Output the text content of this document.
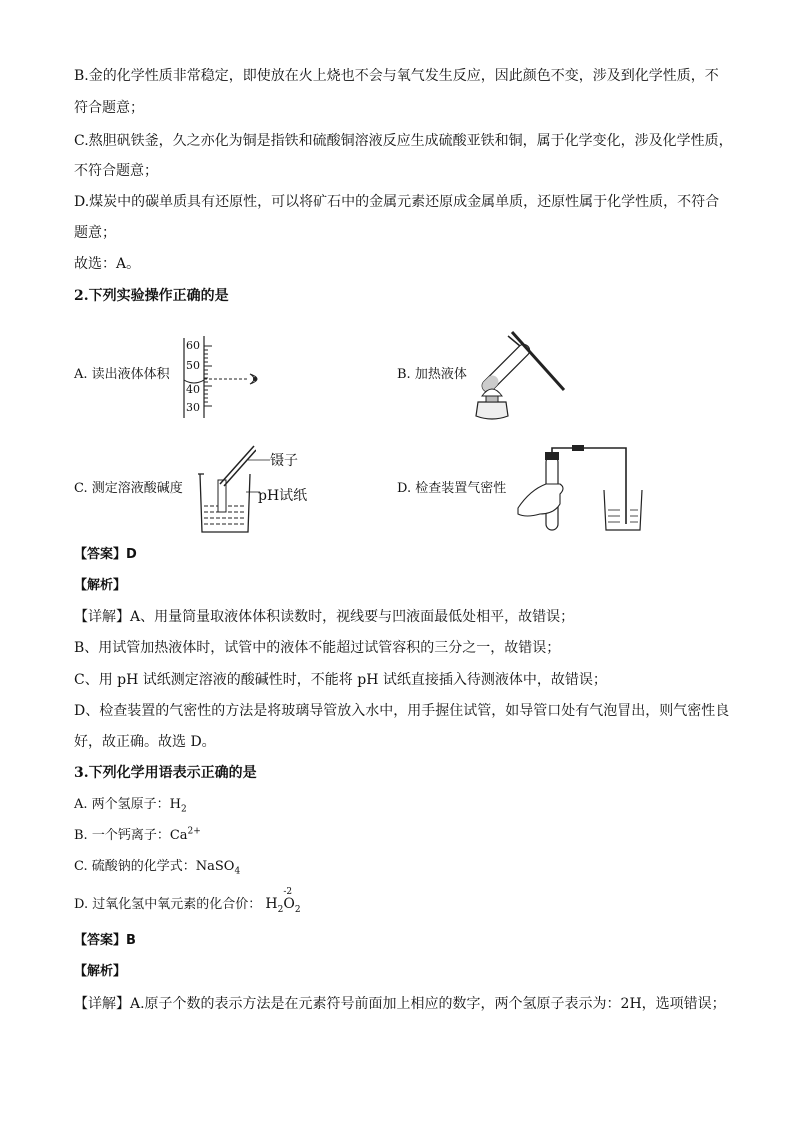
B.金的化学性质非常稳定，即使放在火上烧也不会与氧气发生反应，因此颜色不变，涉及到化学性质，不
符合题意；
C.熬胆矾铁釜，久之亦化为铜是指铁和硫酸铜溶液反应生成硫酸亚铁和铜，属于化学变化，涉及化学性质，
不符合题意；
D.煤炭中的碳单质具有还原性，可以将矿石中的金属元素还原成金属单质，还原性属于化学性质，不符合
题意；
故选：A。
2.下列实验操作正确的是
A. 读出液体体积
60
50
40
30
B. 加热液体
C. 测定溶液酸碱度
镊子
pH试纸	D. 检查装置气密性
【答案】D
【解析】
【详解】A、用量筒量取液体体积读数时，视线要与凹液面最低处相平，故错误；
B、用试管加热液体时，试管中的液体不能超过试管容积的三分之一，故错误；
C、用 pH 试纸测定溶液的酸碱性时，不能将 pH 试纸直接插入待测液体中，故错误；
D、检查装置的气密性的方法是将玻璃导管放入水中，用手握住试管，如导管口处有气泡冒出，则气密性良
好，故正确。故选 D。
3.下列化学用语表示正确的是
A. 两个氢原子：$H_2$
B. 一个钙离子：$Ca^{2+}$
C. 硫酸钠的化学式：NaSO$_4$
D. 过氧化氢中氧元素的化合价： $H_2$
-2
$O_2$
【答案】B
【解析】
【详解】A.原子个数的表示方法是在元素符号前面加上相应的数字，两个氢原子表示为：2H，选项错误；
